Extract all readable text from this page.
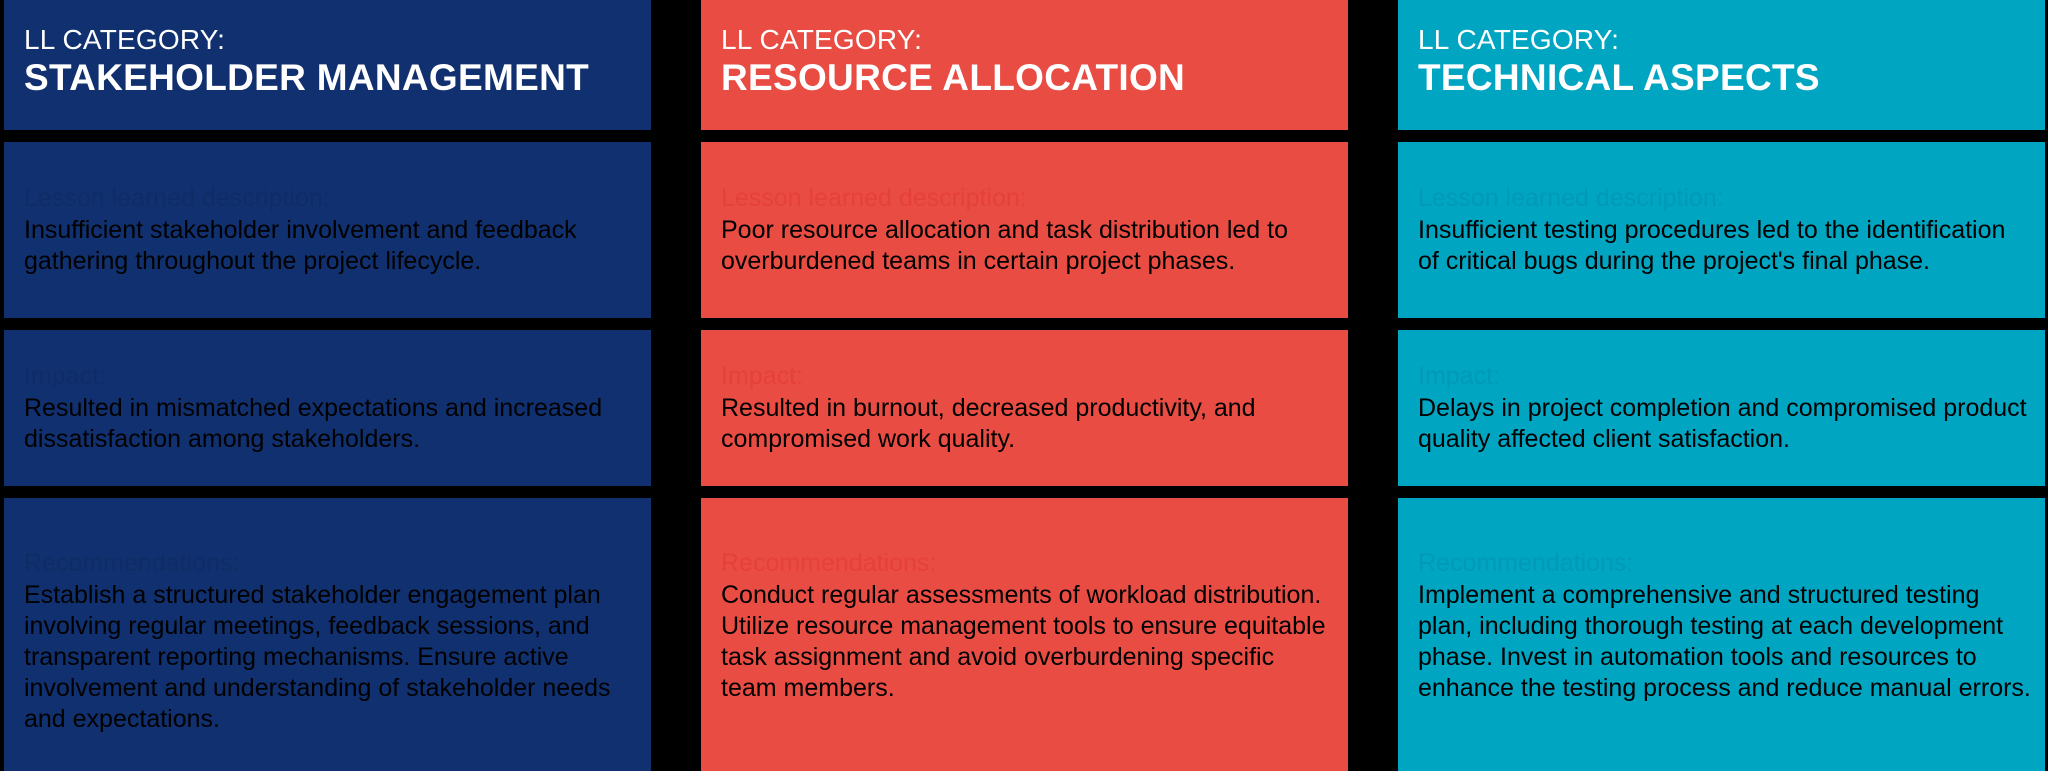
LL CATEGORY:
STAKEHOLDER MANAGEMENT
Lesson learned description:
Insufficient stakeholder involvement and feedback gathering throughout the project lifecycle.
Impact:
Resulted in mismatched expectations and increased dissatisfaction among stakeholders.
Recommendations:
Establish a structured stakeholder engagement plan involving regular meetings, feedback sessions, and transparent reporting mechanisms. Ensure active involvement and understanding of stakeholder needs and expectations.
LL CATEGORY:
RESOURCE ALLOCATION
Lesson learned description:
Poor resource allocation and task distribution led to overburdened teams in certain project phases.
Impact:
Resulted in burnout, decreased productivity, and compromised work quality.
Recommendations:
Conduct regular assessments of workload distribution. Utilize resource management tools to ensure equitable task assignment and avoid overburdening specific team members.
LL CATEGORY:
TECHNICAL ASPECTS
Lesson learned description:
Insufficient testing procedures led to the identification of critical bugs during the project's final phase.
Impact:
Delays in project completion and compromised product quality affected client satisfaction.
Recommendations:
Implement a comprehensive and structured testing plan, including thorough testing at each development phase. Invest in automation tools and resources to enhance the testing process and reduce manual errors.
